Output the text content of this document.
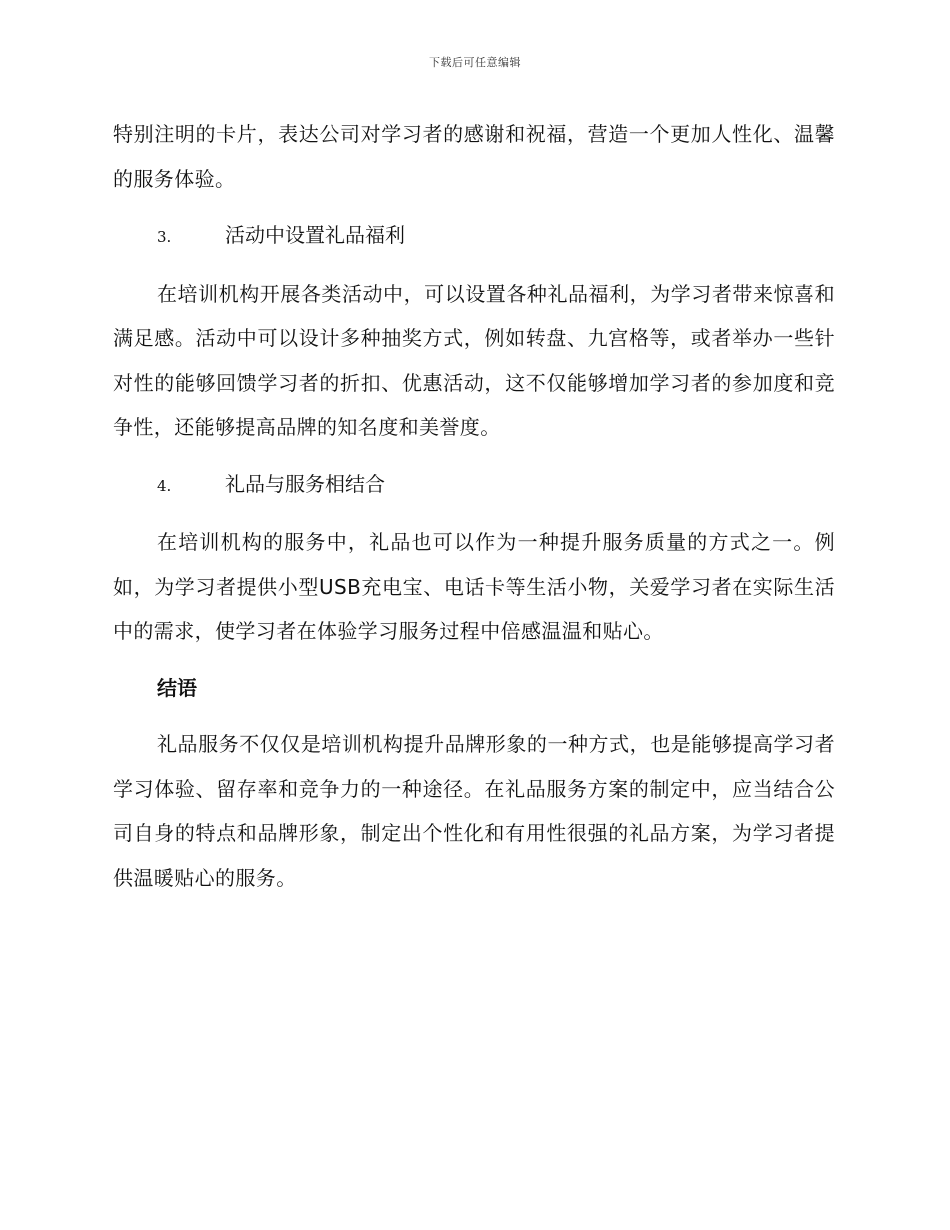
下载后可任意编辑

特别注明的卡片，表达公司对学习者的感谢和祝福，营造一个更加人性化、温馨的服务体验。

3.	活动中设置礼品福利

在培训机构开展各类活动中，可以设置各种礼品福利，为学习者带来惊喜和满足感。活动中可以设计多种抽奖方式，例如转盘、九宫格等，或者举办一些针对性的能够回馈学习者的折扣、优惠活动，这不仅能够增加学习者的参加度和竞争性，还能够提高品牌的知名度和美誉度。

4.	礼品与服务相结合

在培训机构的服务中，礼品也可以作为一种提升服务质量的方式之一。例如，为学习者提供小型USB充电宝、电话卡等生活小物，关爱学习者在实际生活中的需求，使学习者在体验学习服务过程中倍感温温和贴心。

结语

礼品服务不仅仅是培训机构提升品牌形象的一种方式，也是能够提高学习者学习体验、留存率和竞争力的一种途径。在礼品服务方案的制定中，应当结合公司自身的特点和品牌形象，制定出个性化和有用性很强的礼品方案，为学习者提供温暖贴心的服务。
